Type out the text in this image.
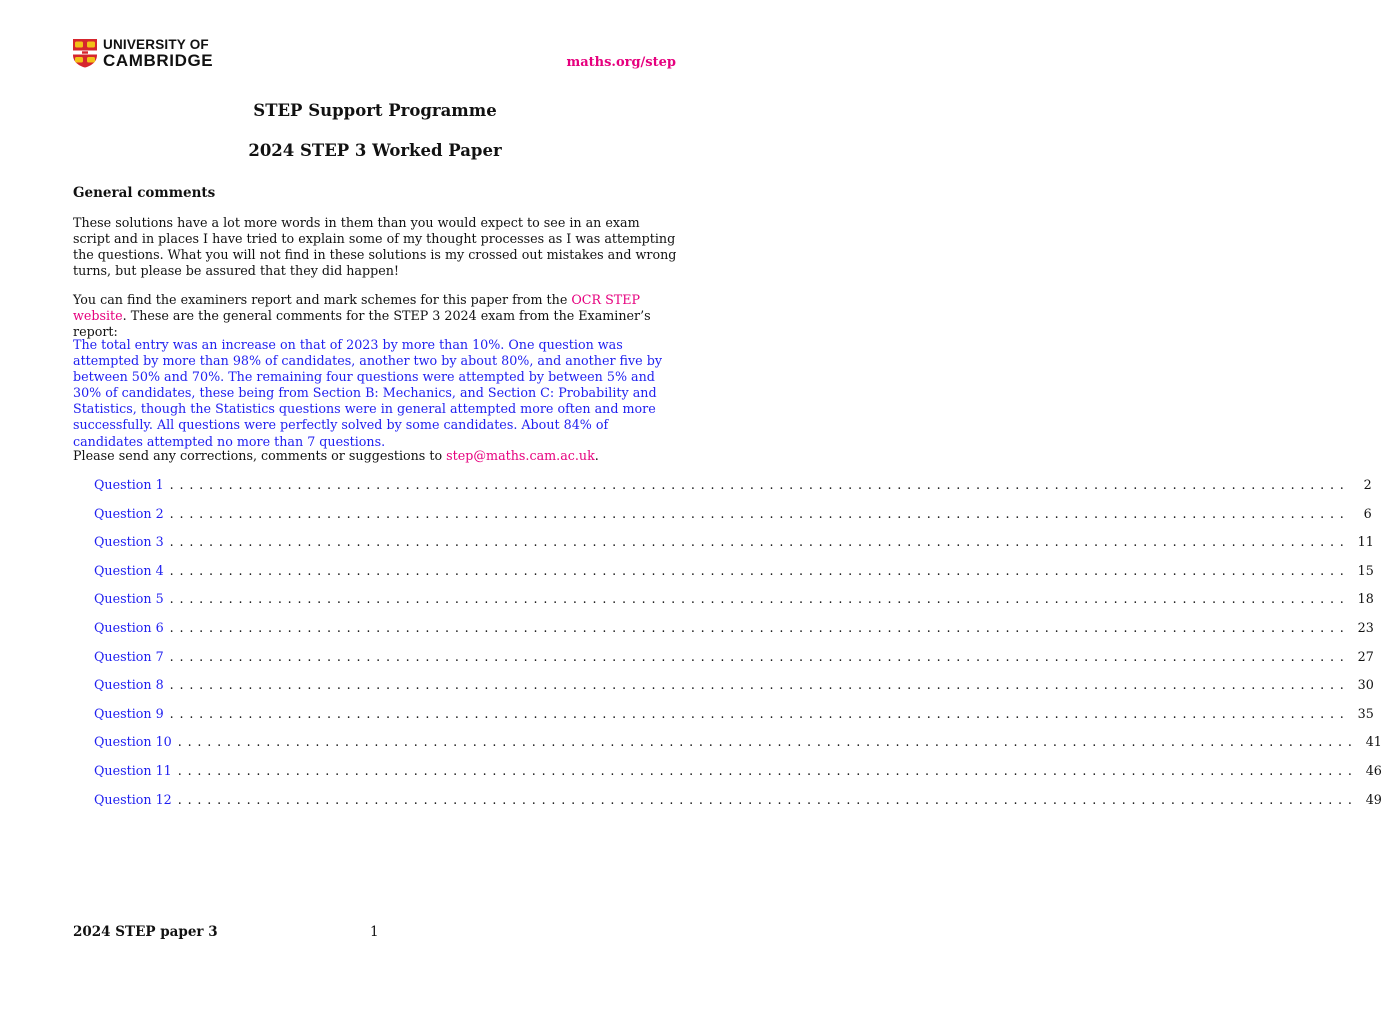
UNIVERSITY OF
CAMBRIDGE	maths.org/step
STEP Support Programme
2024 STEP 3 Worked Paper
General comments

These solutions have a lot more words in them than you would expect to see in an exam script and in places I have tried to explain some of my thought processes as I was attempting the questions. What you will not find in these solutions is my crossed out mistakes and wrong turns, but please be assured that they did happen!

You can find the examiners report and mark schemes for this paper from the OCR STEP website. These are the general comments for the STEP 3 2024 exam from the Examiner’s report:

The total entry was an increase on that of 2023 by more than 10%. One question was attempted by more than 98% of candidates, another two by about 80%, and another five by between 50% and 70%. The remaining four questions were attempted by between 5% and 30% of candidates, these being from Section B: Mechanics, and Section C: Probability and Statistics, though the Statistics questions were in general attempted more often and more successfully. All questions were perfectly solved by some candidates. About 84% of candidates attempted no more than 7 questions.

Please send any corrections, comments or suggestions to step@maths.cam.ac.uk.

Question 1 ........................................................................................................................	2
Question 2 ........................................................................................................................	6
Question 3 ........................................................................................................................ 11
Question 4 ........................................................................................................................ 15
Question 5 ........................................................................................................................ 18
Question 6 ........................................................................................................................ 23
Question 7 ........................................................................................................................ 27
Question 8 ........................................................................................................................ 30
Question 9 ........................................................................................................................ 35
Question 10 ........................................................................................................................ 41
Question 11 ........................................................................................................................ 46
Question 12 ........................................................................................................................ 49
2024 STEP paper 3	1
